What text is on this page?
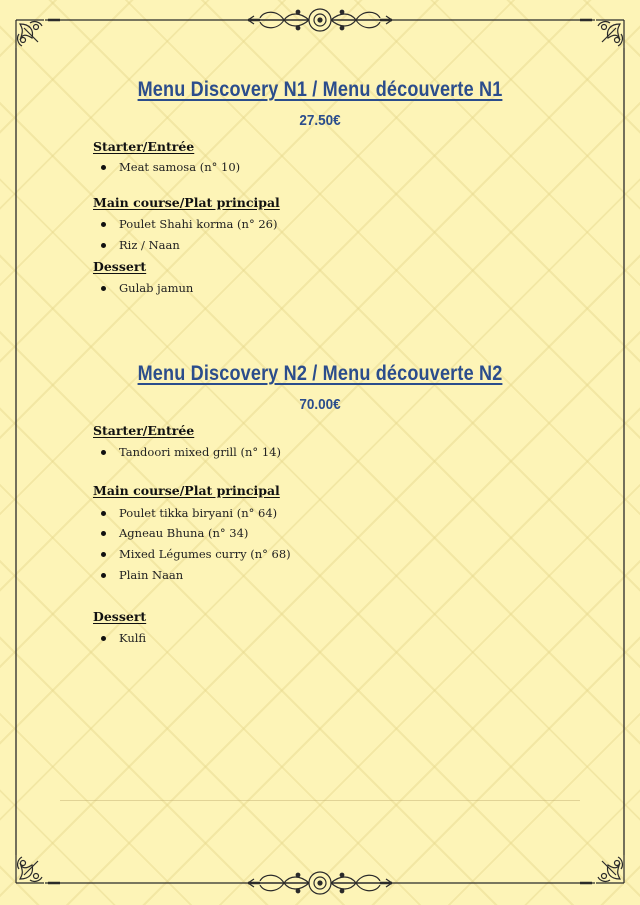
Menu Discovery N1 / Menu découverte N1
27.50€
Starter/Entrée
Meat samosa (n° 10)
Main course/Plat principal
Poulet Shahi korma (n° 26)
Riz / Naan
Dessert
Gulab jamun
Menu Discovery N2 / Menu découverte N2
70.00€
Starter/Entrée
Tandoori mixed grill (n° 14)
Main course/Plat principal
Poulet tikka biryani (n° 64)
Agneau Bhuna (n° 34)
Mixed Légumes curry (n° 68)
Plain Naan
Dessert
Kulfi
